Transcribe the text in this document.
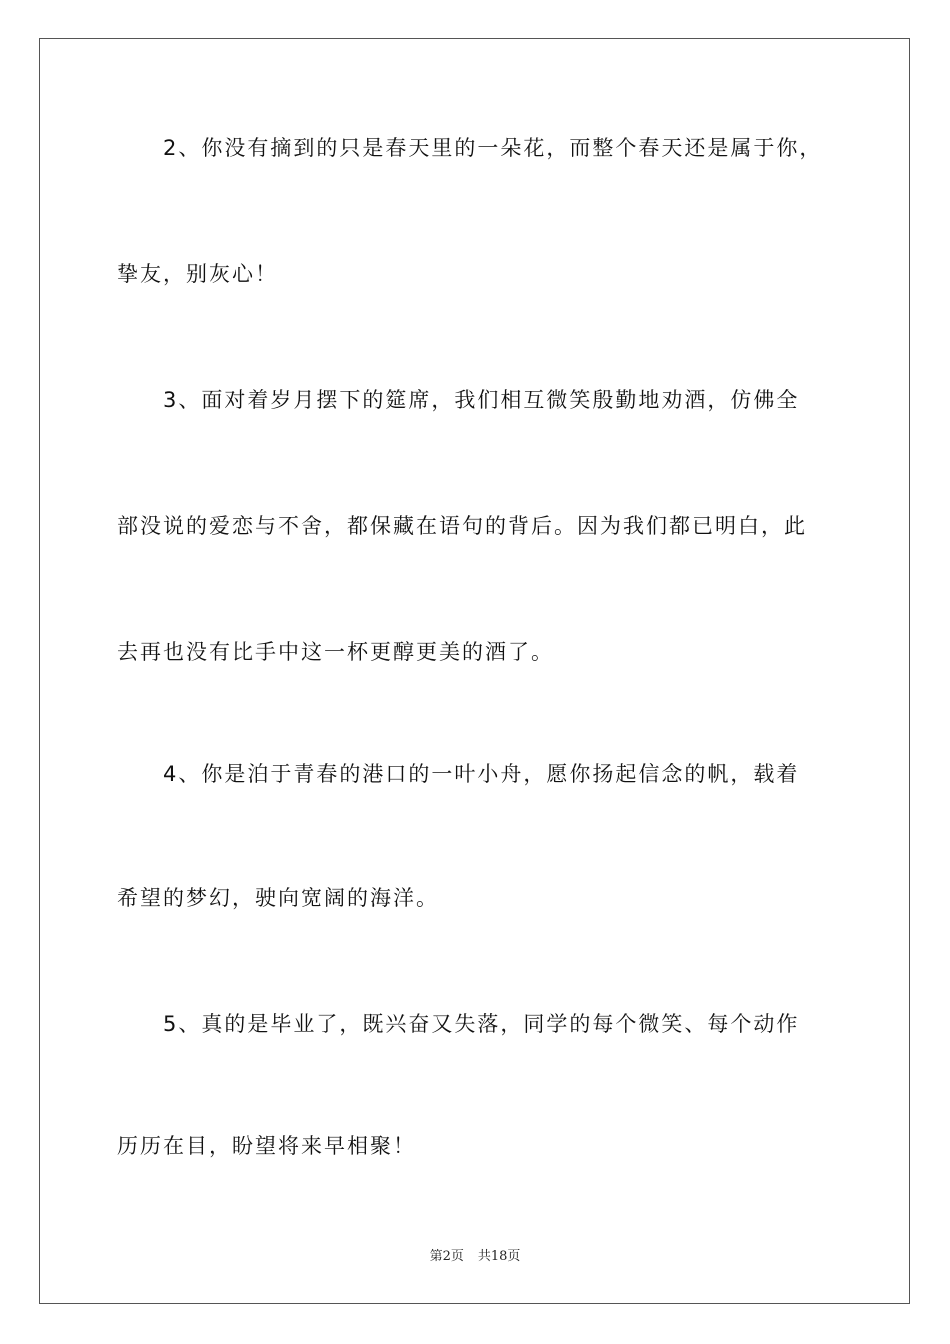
2、你没有摘到的只是春天里的一朵花，而整个春天还是属于你，
挚友，别灰心！
3、面对着岁月摆下的筵席，我们相互微笑殷勤地劝酒，仿佛全
部没说的爱恋与不舍，都保藏在语句的背后。因为我们都已明白，此
去再也没有比手中这一杯更醇更美的酒了。
4、你是泊于青春的港口的一叶小舟，愿你扬起信念的帆，载着
希望的梦幻，驶向宽阔的海洋。
5、真的是毕业了，既兴奋又失落，同学的每个微笑、每个动作
历历在目，盼望将来早相聚！
第2页 共18页
